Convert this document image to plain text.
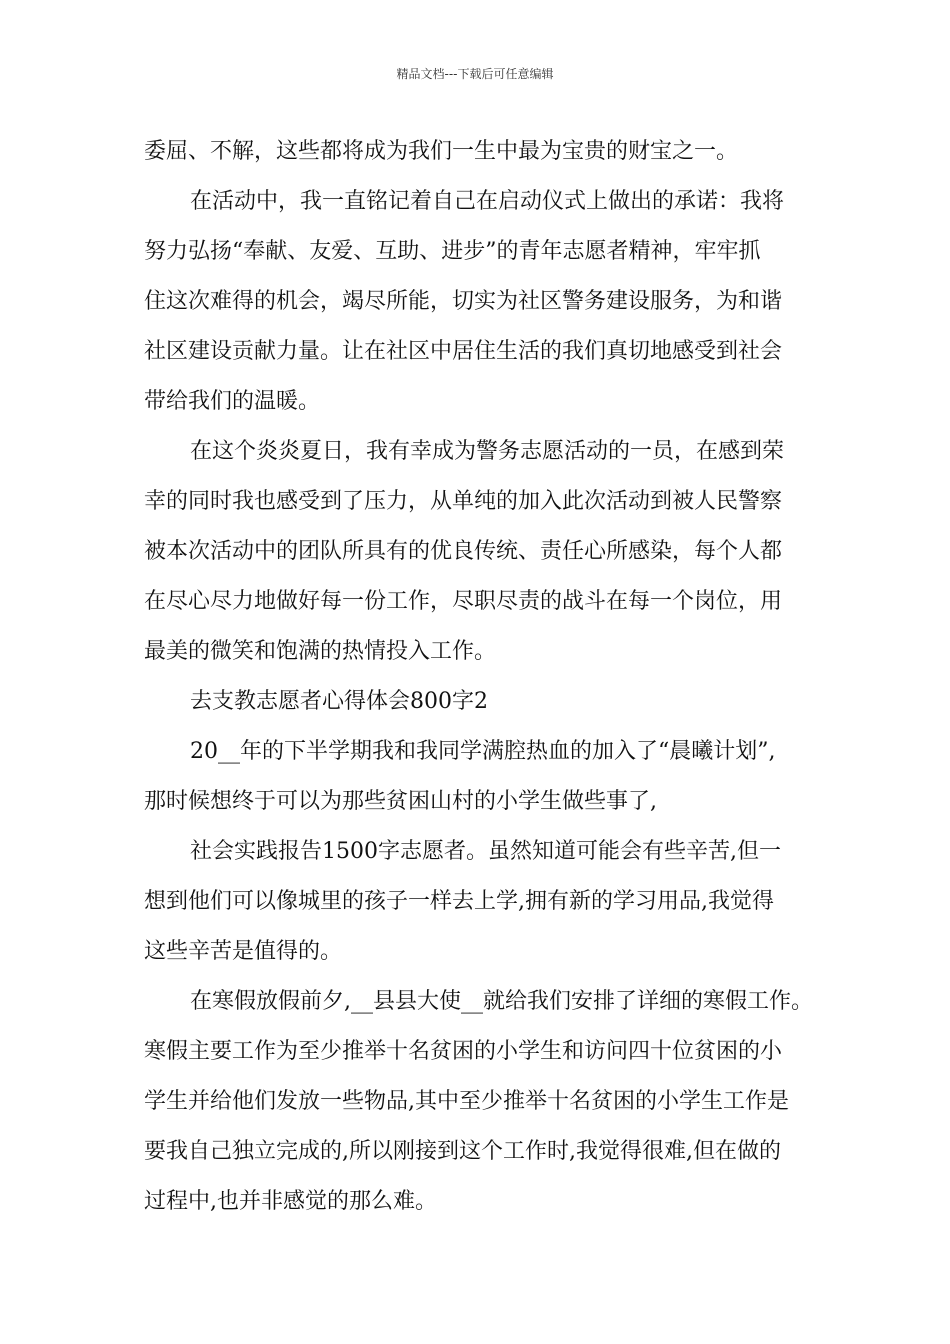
精品文档---下载后可任意编辑
委屈、不解，这些都将成为我们一生中最为宝贵的财宝之一。
在活动中，我一直铭记着自己在启动仪式上做出的承诺：我将
努力弘扬“奉献、友爱、互助、进步”的青年志愿者精神，牢牢抓
住这次难得的机会，竭尽所能，切实为社区警务建设服务，为和谐
社区建设贡献力量。让在社区中居住生活的我们真切地感受到社会
带给我们的温暖。
在这个炎炎夏日，我有幸成为警务志愿活动的一员，在感到荣
幸的同时我也感受到了压力，从单纯的加入此次活动到被人民警察
被本次活动中的团队所具有的优良传统、责任心所感染，每个人都
在尽心尽力地做好每一份工作，尽职尽责的战斗在每一个岗位，用
最美的微笑和饱满的热情投入工作。
去支教志愿者心得体会800字2
20__年的下半学期我和我同学满腔热血的加入了“晨曦计划”,
那时候想终于可以为那些贫困山村的小学生做些事了,
社会实践报告1500字志愿者。虽然知道可能会有些辛苦,但一
想到他们可以像城里的孩子一样去上学,拥有新的学习用品,我觉得
这些辛苦是值得的。
在寒假放假前夕,__县县大使__就给我们安排了详细的寒假工作。
寒假主要工作为至少推举十名贫困的小学生和访问四十位贫困的小
学生并给他们发放一些物品,其中至少推举十名贫困的小学生工作是
要我自己独立完成的,所以刚接到这个工作时,我觉得很难,但在做的
过程中,也并非感觉的那么难。
